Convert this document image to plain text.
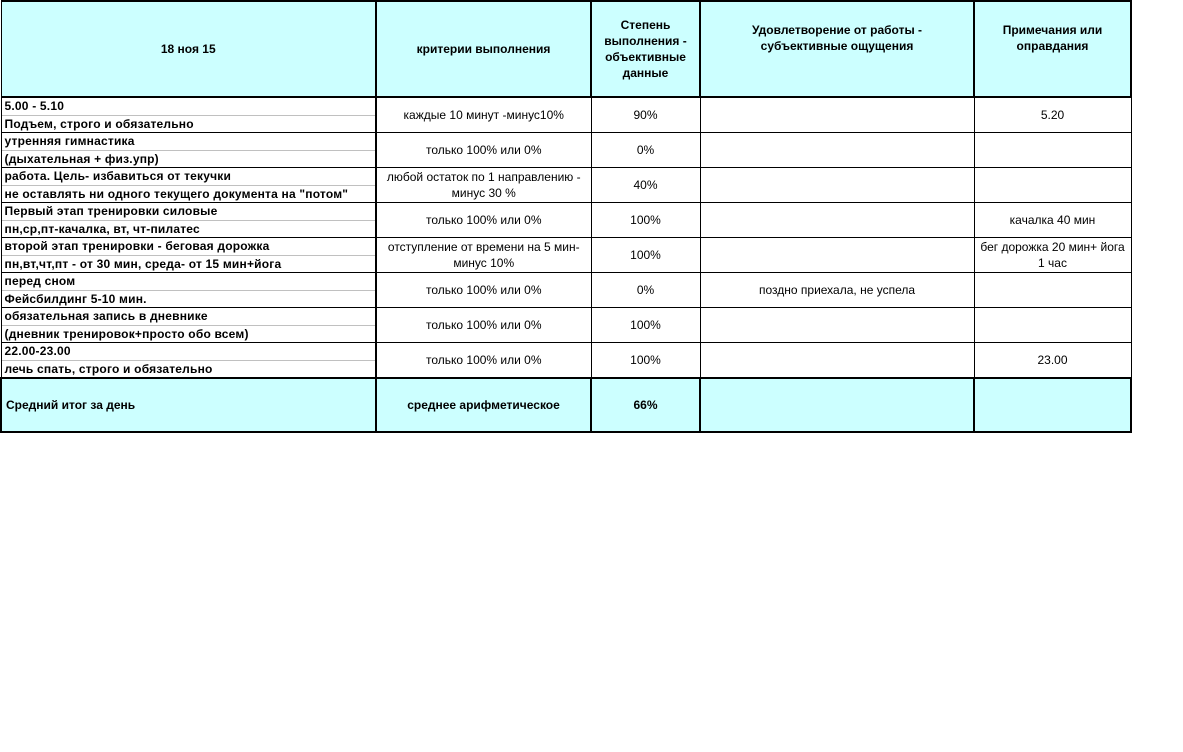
18 ноя 15	критерии выполнения	Степень выполнения - объективные данные	Удовлетворение от работы - субъективные ощущения	Примечания или оправдания

5.00 - 5.10
Подъем, строго и обязательно	каждые 10 минут -минус10%	90%		5.20

утренняя гимнастика
(дыхательная + физ.упр)	только 100% или 0%	0%		

работа. Цель- избавиться от текучки
не оставлять ни одного текущего документа на "потом"	любой остаток по 1 направлению - минус 30 %	40%		

Первый этап тренировки силовые
пн,ср,пт-качалка, вт, чт-пилатес	только 100% или 0%	100%		качалка 40 мин

второй этап тренировки - беговая дорожка
пн,вт,чт,пт - от 30 мин, среда- от 15 мин+йога	отступление от времени на 5 мин- минус 10%	100%		бег дорожка 20 мин+ йога 1 час

перед сном
Фейсбилдинг 5-10 мин.	только 100% или 0%	0%	поздно приехала, не успела	

обязательная запись в дневнике
(дневник тренировок+просто обо всем)	только 100% или 0%	100%		

22.00-23.00
лечь спать, строго и обязательно	только 100% или 0%	100%		23.00

Средний итог за день	среднее арифметическое	66%		
